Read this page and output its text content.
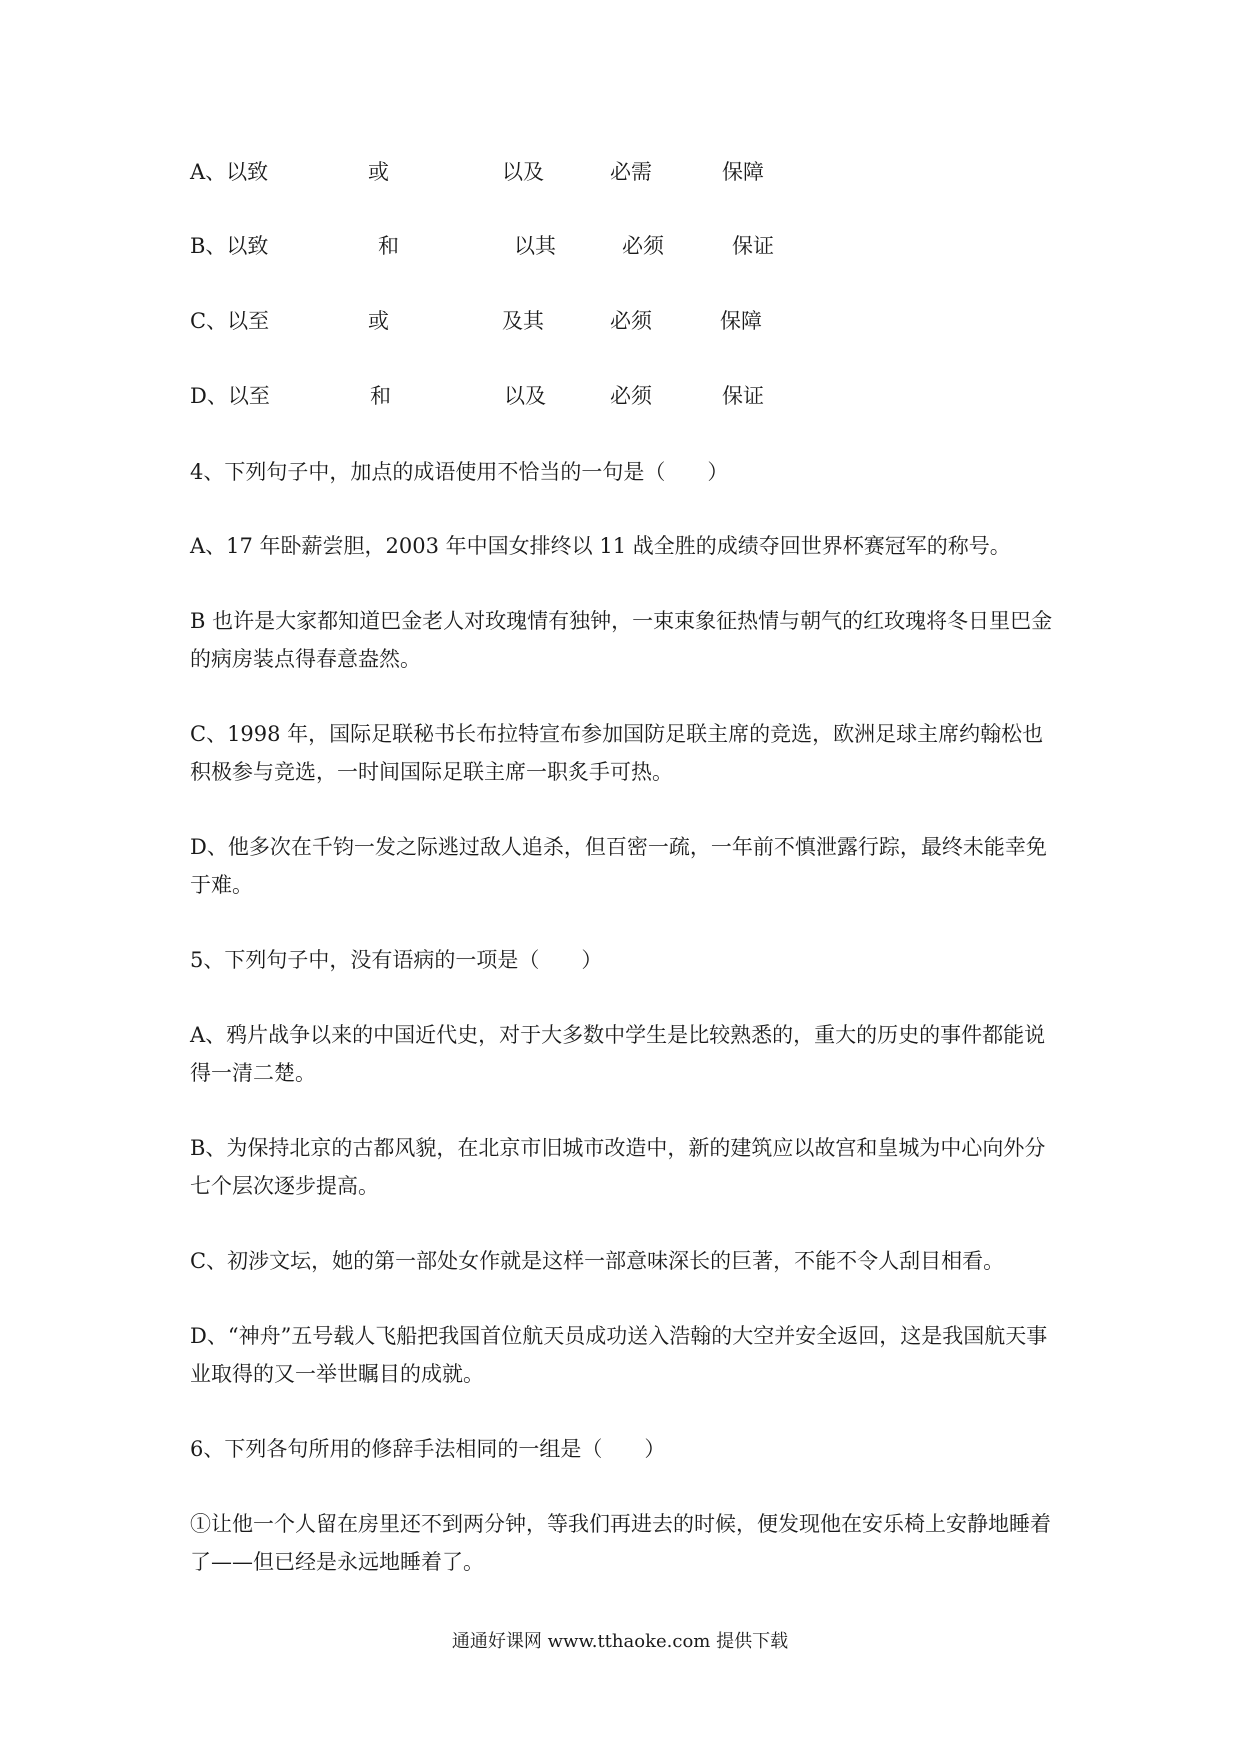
A、以致	或	以及	必需	保障
B、以致	和	以其	必须	保证
C、以至	或	及其	必须	保障
D、以至	和	以及	必须	保证
4、下列句子中，加点的成语使用不恰当的一句是（　　）
A、17 年卧薪尝胆，2003 年中国女排终以 11 战全胜的成绩夺回世界杯赛冠军的称号。
B 也许是大家都知道巴金老人对玫瑰情有独钟，一束束象征热情与朝气的红玫瑰将冬日里巴金的病房装点得春意盎然。
C、1998 年，国际足联秘书长布拉特宣布参加国防足联主席的竞选，欧洲足球主席约翰松也积极参与竞选，一时间国际足联主席一职炙手可热。
D、他多次在千钧一发之际逃过敌人追杀，但百密一疏，一年前不慎泄露行踪，最终未能幸免于难。
5、下列句子中，没有语病的一项是（　　）
A、鸦片战争以来的中国近代史，对于大多数中学生是比较熟悉的，重大的历史的事件都能说得一清二楚。
B、为保持北京的古都风貌，在北京市旧城市改造中，新的建筑应以故宫和皇城为中心向外分七个层次逐步提高。
C、初涉文坛，她的第一部处女作就是这样一部意味深长的巨著，不能不令人刮目相看。
D、“神舟”五号载人飞船把我国首位航天员成功送入浩翰的大空并安全返回，这是我国航天事业取得的又一举世瞩目的成就。
6、下列各句所用的修辞手法相同的一组是（　　）
①让他一个人留在房里还不到两分钟，等我们再进去的时候，便发现他在安乐椅上安静地睡着了——但已经是永远地睡着了。
通通好课网 www.tthaoke.com 提供下载
